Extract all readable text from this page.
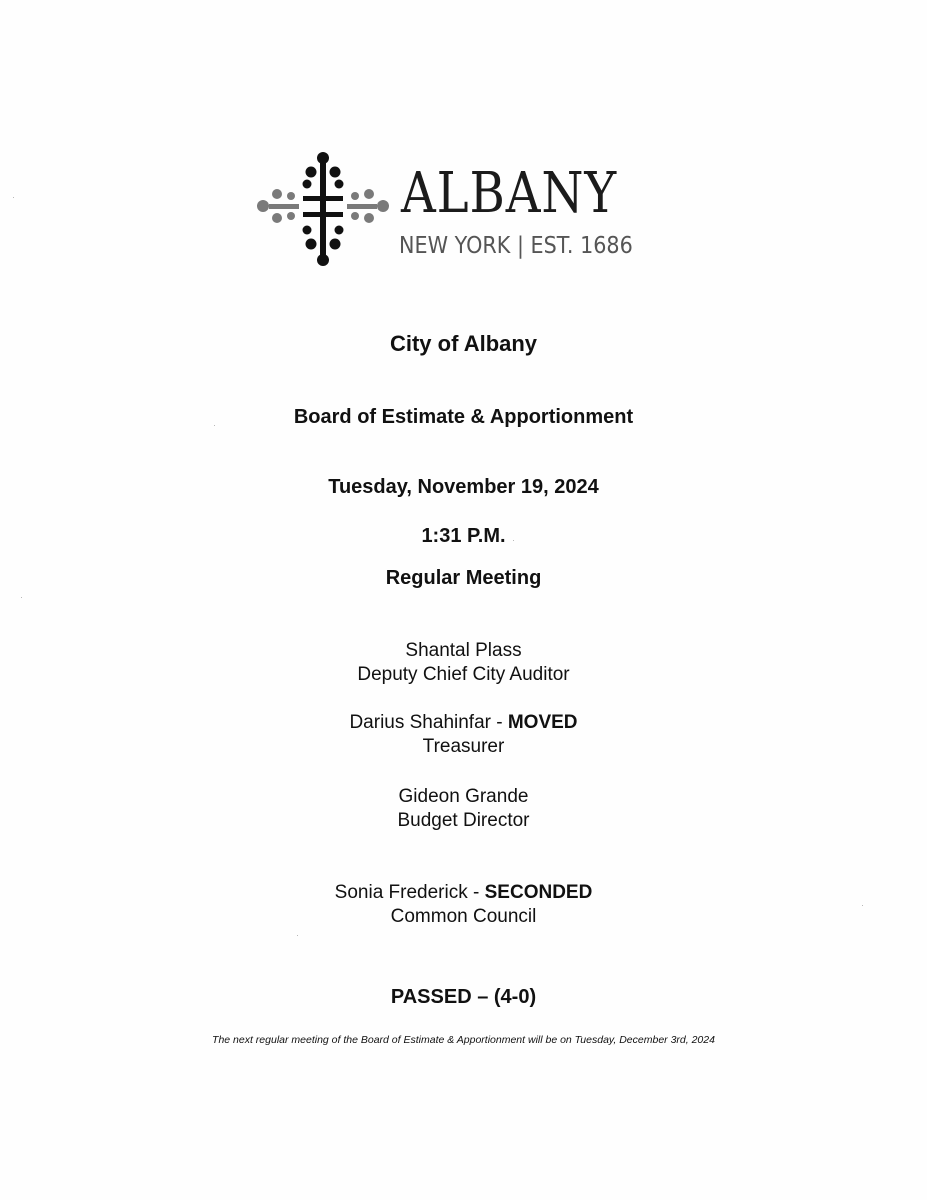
ALBANY
NEW YORK | EST. 1686
City of Albany
Board of Estimate & Apportionment
Tuesday, November 19, 2024
1:31 P.M.
Regular Meeting
Shantal Plass
Deputy Chief City Auditor
Darius Shahinfar - MOVED
Treasurer
Gideon Grande
Budget Director
Sonia Frederick - SECONDED
Common Council
PASSED – (4-0)
The next regular meeting of the Board of Estimate & Apportionment will be on Tuesday, December 3rd, 2024
